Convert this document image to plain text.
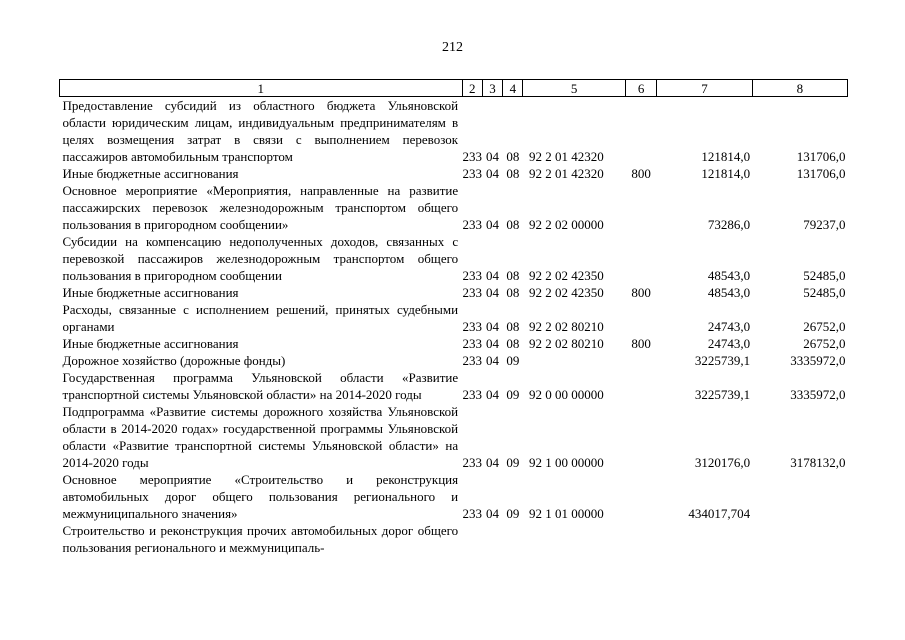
212
1	2	3	4	5	6	7	8
Предоставление субсидий из областного бюджета Ульяновской области юридическим лицам, индивидуальным предпринимателям в целях возмещения затрат в связи с выполнением перевозок пассажиров автомобильным транспортом	233	04	08	92 2 01 42320		121814,0	131706,0
Иные бюджетные ассигнования	233	04	08	92 2 01 42320	800	121814,0	131706,0
Основное мероприятие «Мероприятия, направленные на развитие пассажирских перевозок железнодорожным транспортом общего пользования в пригородном сообщении»	233	04	08	92 2 02 00000		73286,0	79237,0
Субсидии на компенсацию недополученных доходов, связанных с перевозкой пассажиров железнодорожным транспортом общего пользования в пригородном сообщении	233	04	08	92 2 02 42350		48543,0	52485,0
Иные бюджетные ассигнования	233	04	08	92 2 02 42350	800	48543,0	52485,0
Расходы, связанные с исполнением решений, принятых судебными органами	233	04	08	92 2 02 80210		24743,0	26752,0
Иные бюджетные ассигнования	233	04	08	92 2 02 80210	800	24743,0	26752,0
Дорожное хозяйство (дорожные фонды)	233	04	09			3225739,1	3335972,0
Государственная программа Ульяновской области «Развитие транспортной системы Ульяновской области» на 2014-2020 годы	233	04	09	92 0 00 00000		3225739,1	3335972,0
Подпрограмма «Развитие системы дорожного хозяйства Ульяновской области в 2014-2020 годах» государственной программы Ульяновской области «Развитие транспортной системы Ульяновской области» на 2014-2020 годы	233	04	09	92 1 00 00000		3120176,0	3178132,0
Основное мероприятие «Строительство и реконструкция автомобильных дорог общего пользования регионального и межмуниципального значения»	233	04	09	92 1 01 00000		434017,704	
Строительство и реконструкция прочих автомобильных дорог общего пользования регионального и межмуниципаль-							
